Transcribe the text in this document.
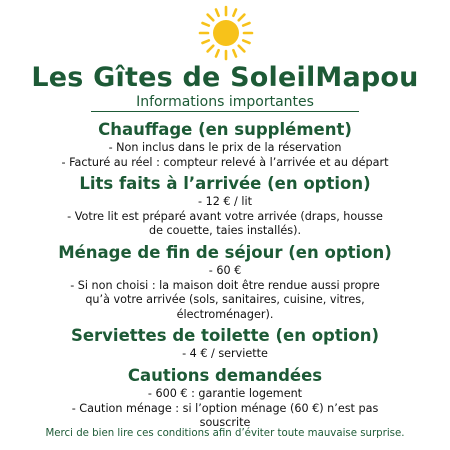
Les Gîtes de SoleilMapou
Informations importantes

Chauffage (en supplément)

- Non inclus dans le prix de la réservation

- Facturé au réel : compteur relevé à l’arrivée et au départ

Lits faits à l’arrivée (en option)

- 12 € / lit

- Votre lit est préparé avant votre arrivée (draps, housse

de couette, taies installés).

Ménage de fin de séjour (en option)

- 60 €

- Si non choisi : la maison doit être rendue aussi propre

qu’à votre arrivée (sols, sanitaires, cuisine, vitres,

électroménager).

Serviettes de toilette (en option)

- 4 € / serviette

Cautions demandées

- 600 € : garantie logement

- Caution ménage : si l’option ménage (60 €) n’est pas

souscrite

Merci de bien lire ces conditions afin d’éviter toute mauvaise surprise.
